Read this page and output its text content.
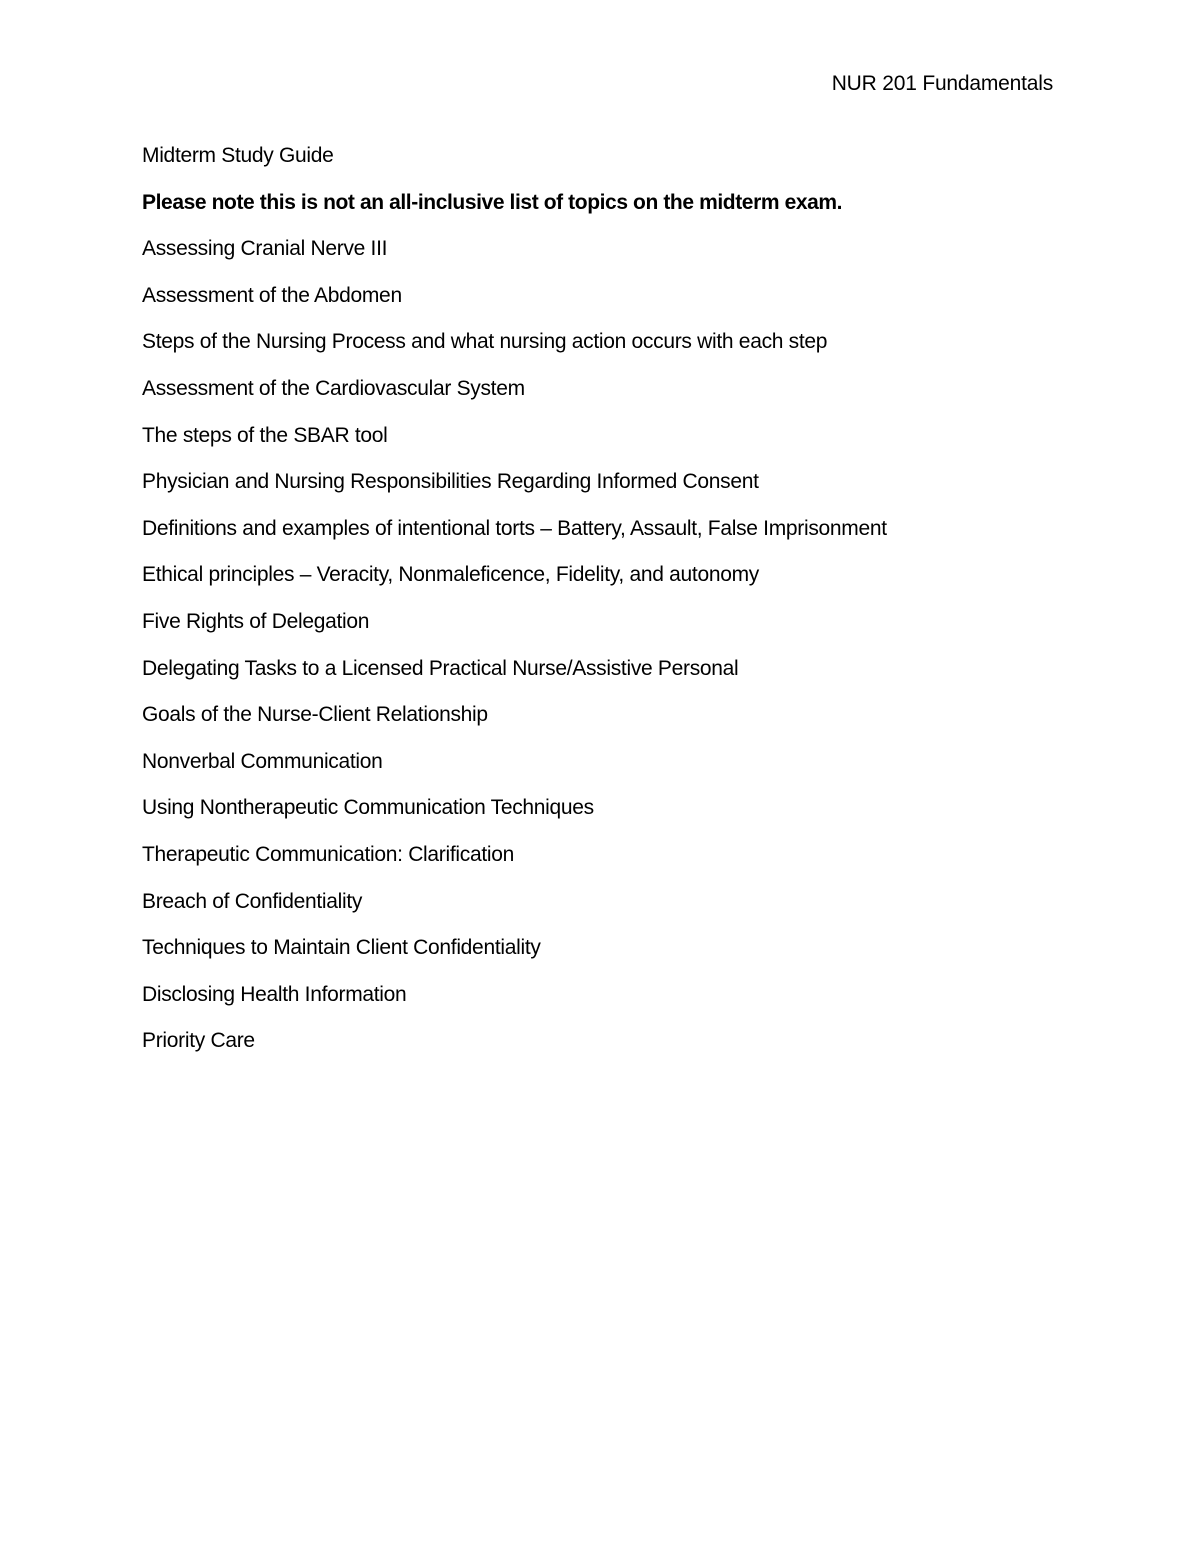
NUR 201 Fundamentals
Midterm Study Guide
Please note this is not an all-inclusive list of topics on the midterm exam.
Assessing Cranial Nerve III
Assessment of the Abdomen
Steps of the Nursing Process and what nursing action occurs with each step
Assessment of the Cardiovascular System
The steps of the SBAR tool
Physician and Nursing Responsibilities Regarding Informed Consent
Definitions and examples of intentional torts – Battery, Assault, False Imprisonment
Ethical principles – Veracity, Nonmaleficence, Fidelity, and autonomy
Five Rights of Delegation
Delegating Tasks to a Licensed Practical Nurse/Assistive Personal
Goals of the Nurse-Client Relationship
Nonverbal Communication
Using Nontherapeutic Communication Techniques
Therapeutic Communication: Clarification
Breach of Confidentiality
Techniques to Maintain Client Confidentiality
Disclosing Health Information
Priority Care
